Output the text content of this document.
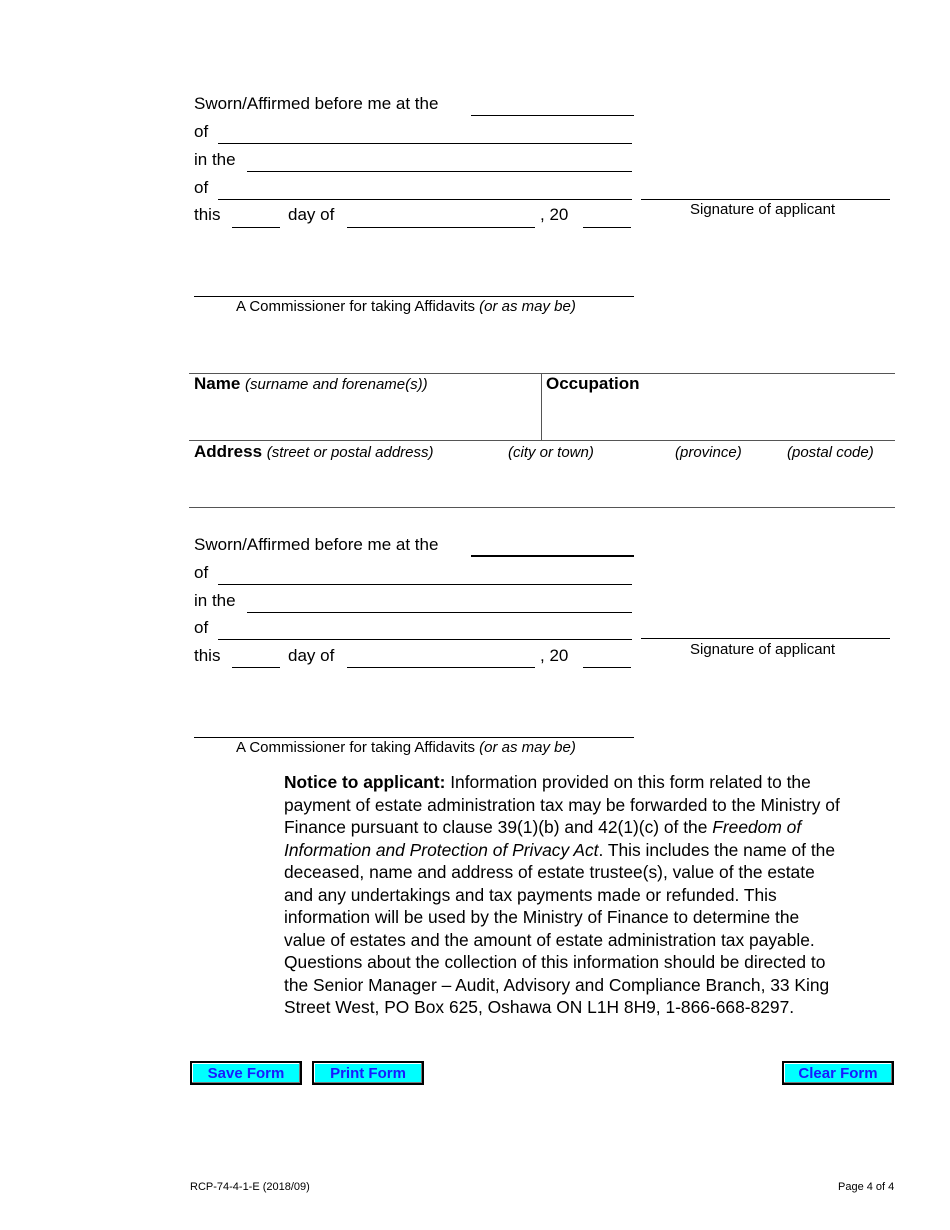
Sworn/Affirmed before me at the
of
in the
of
this	day of	, 20	Signature of applicant
A Commissioner for taking Affidavits (or as may be)
Name (surname and forename(s))	Occupation
Address (street or postal address)	(city or town)	(province)	(postal code)
Sworn/Affirmed before me at the
of
in the
of
this	day of	, 20	Signature of applicant
A Commissioner for taking Affidavits (or as may be)

Notice to applicant: Information provided on this form related to the payment of estate administration tax may be forwarded to the Ministry of Finance pursuant to clause 39(1)(b) and 42(1)(c) of the Freedom of Information and Protection of Privacy Act. This includes the name of the deceased, name and address of estate trustee(s), value of the estate and any undertakings and tax payments made or refunded. This information will be used by the Ministry of Finance to determine the value of estates and the amount of estate administration tax payable. Questions about the collection of this information should be directed to the Senior Manager – Audit, Advisory and Compliance Branch, 33 King Street West, PO Box 625, Oshawa ON L1H 8H9, 1-866-668-8297.

Save Form	Print Form	Clear Form
RCP-74-4-1-E (2018/09)	Page 4 of 4
